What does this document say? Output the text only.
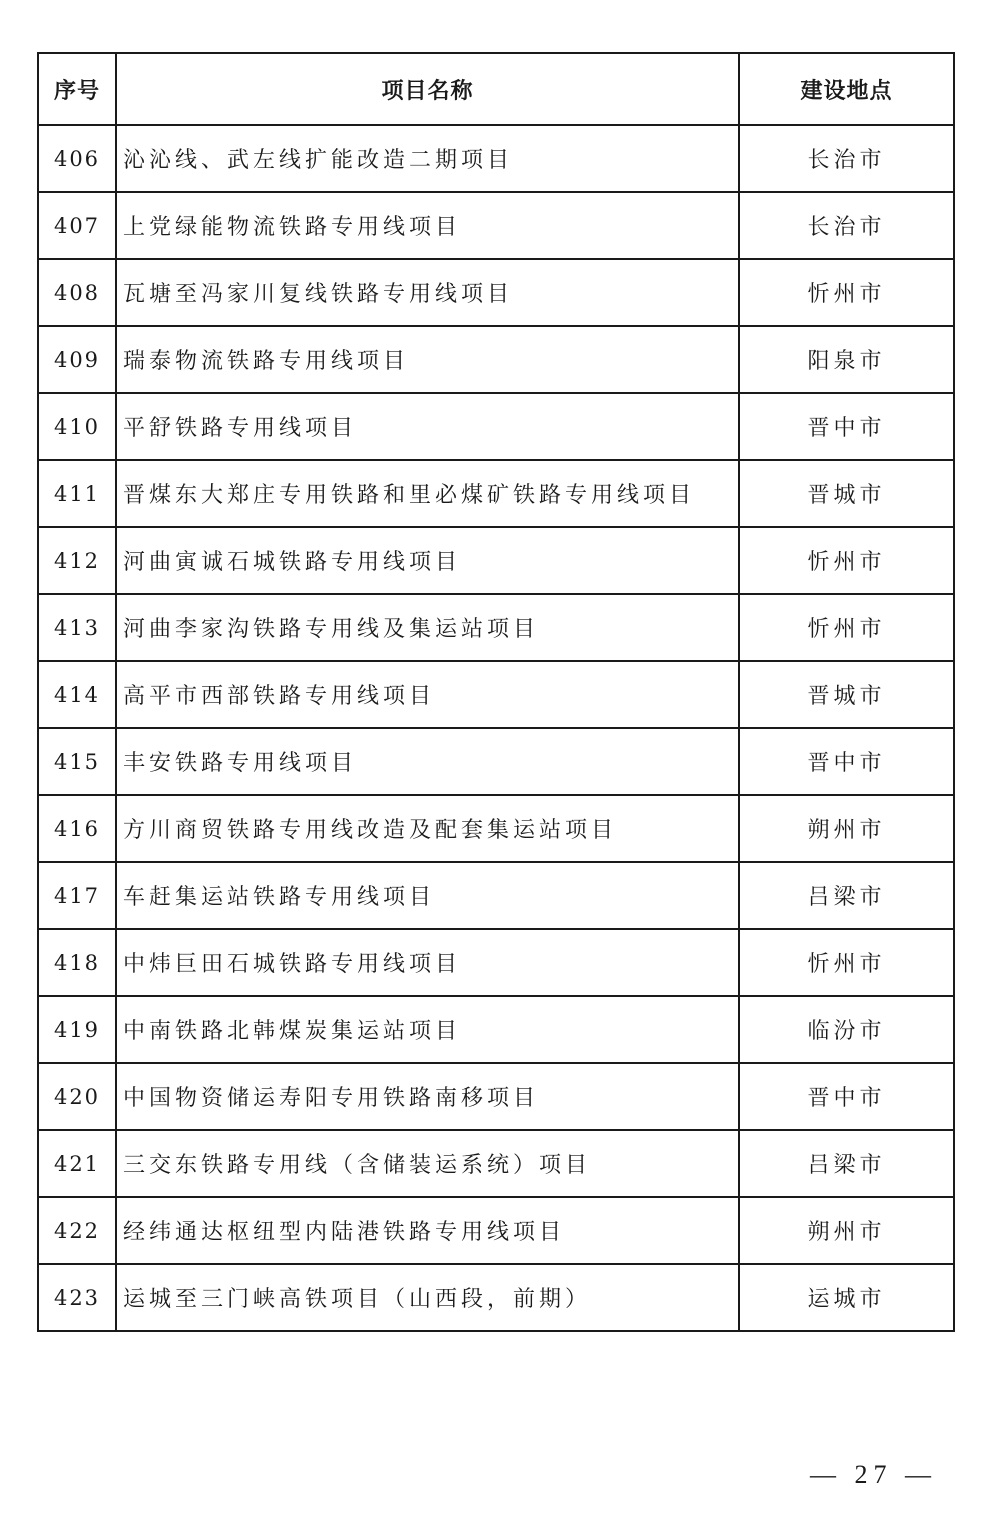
序号	项目名称	建设地点
406	沁沁线、武左线扩能改造二期项目	长治市
407	上党绿能物流铁路专用线项目	长治市
408	瓦塘至冯家川复线铁路专用线项目	忻州市
409	瑞泰物流铁路专用线项目	阳泉市
410	平舒铁路专用线项目	晋中市
411	晋煤东大郑庄专用铁路和里必煤矿铁路专用线项目	晋城市
412	河曲寅诚石城铁路专用线项目	忻州市
413	河曲李家沟铁路专用线及集运站项目	忻州市
414	高平市西部铁路专用线项目	晋城市
415	丰安铁路专用线项目	晋中市
416	方川商贸铁路专用线改造及配套集运站项目	朔州市
417	车赶集运站铁路专用线项目	吕梁市
418	中炜巨田石城铁路专用线项目	忻州市
419	中南铁路北韩煤炭集运站项目	临汾市
420	中国物资储运寿阳专用铁路南移项目	晋中市
421	三交东铁路专用线（含储装运系统）项目	吕梁市
422	经纬通达枢纽型内陆港铁路专用线项目	朔州市
423	运城至三门峡高铁项目（山西段，前期）	运城市
— 27 —
